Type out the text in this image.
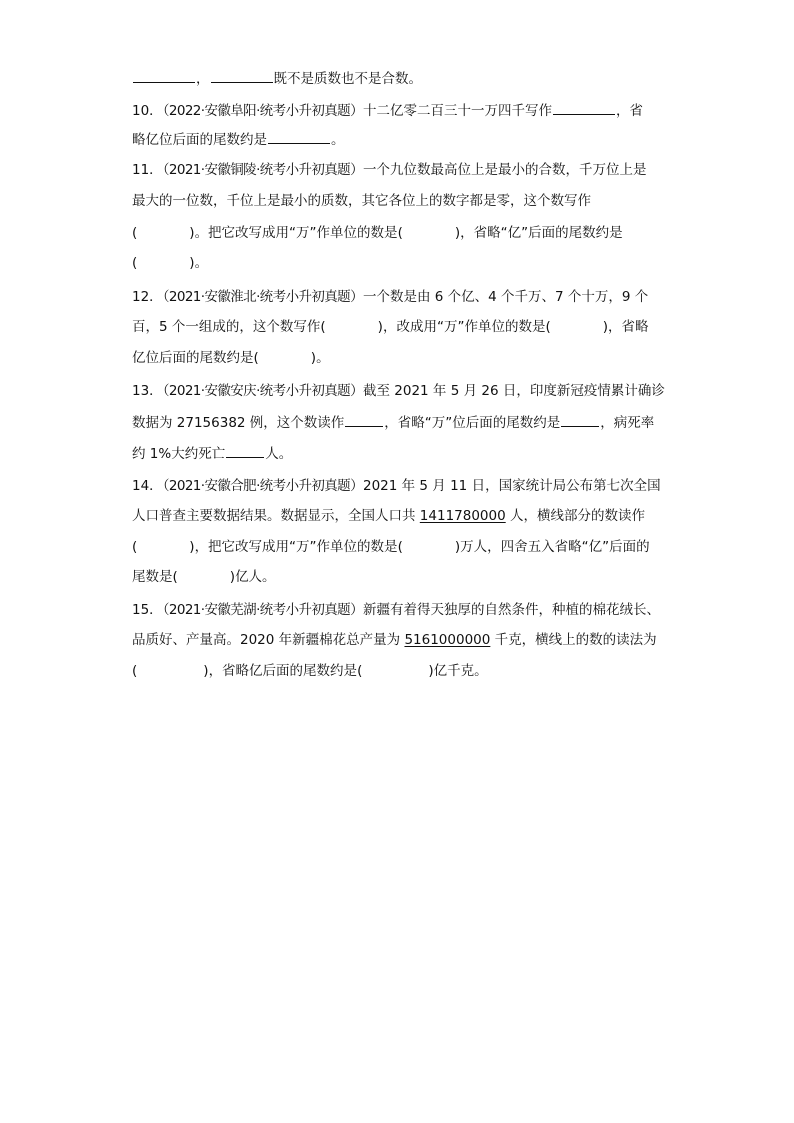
，	既不是质数也不是合数。
10．（2022·安徽阜阳·统考小升初真题）十二亿零二百三十一万四千写作	，省
略亿位后面的尾数约是	。
11．（2021·安徽铜陵·统考小升初真题）一个九位数最高位上是最小的合数，千万位上是
最大的一位数，千位上是最小的质数，其它各位上的数字都是零，这个数写作
(	)。把它改写成用“万”作单位的数是(	)，省略“亿”后面的尾数约是
(	)。
12．（2021·安徽淮北·统考小升初真题）一个数是由 6 个亿、4 个千万、7 个十万，9 个
百，5 个一组成的，这个数写作(	)，改成用“万”作单位的数是(	)，省略
亿位后面的尾数约是(	)。
13．（2021·安徽安庆·统考小升初真题）截至 2021 年 5 月 26 日，印度新冠疫情累计确诊
数据为 27156382 例，这个数读作	，省略“万”位后面的尾数约是	，病死率
约 1%大约死亡	人。
14．（2021·安徽合肥·统考小升初真题）2021 年 5 月 11 日，国家统计局公布第七次全国
人口普查主要数据结果。数据显示，全国人口共 1411780000 人，横线部分的数读作
(	)，把它改写成用“万”作单位的数是(	)万人，四舍五入省略“亿”后面的
尾数是(	)亿人。
15．（2021·安徽芜湖·统考小升初真题）新疆有着得天独厚的自然条件，种植的棉花绒长、
品质好、产量高。2020 年新疆棉花总产量为 5161000000 千克，横线上的数的读法为
(	)，省略亿后面的尾数约是(	)亿千克。
